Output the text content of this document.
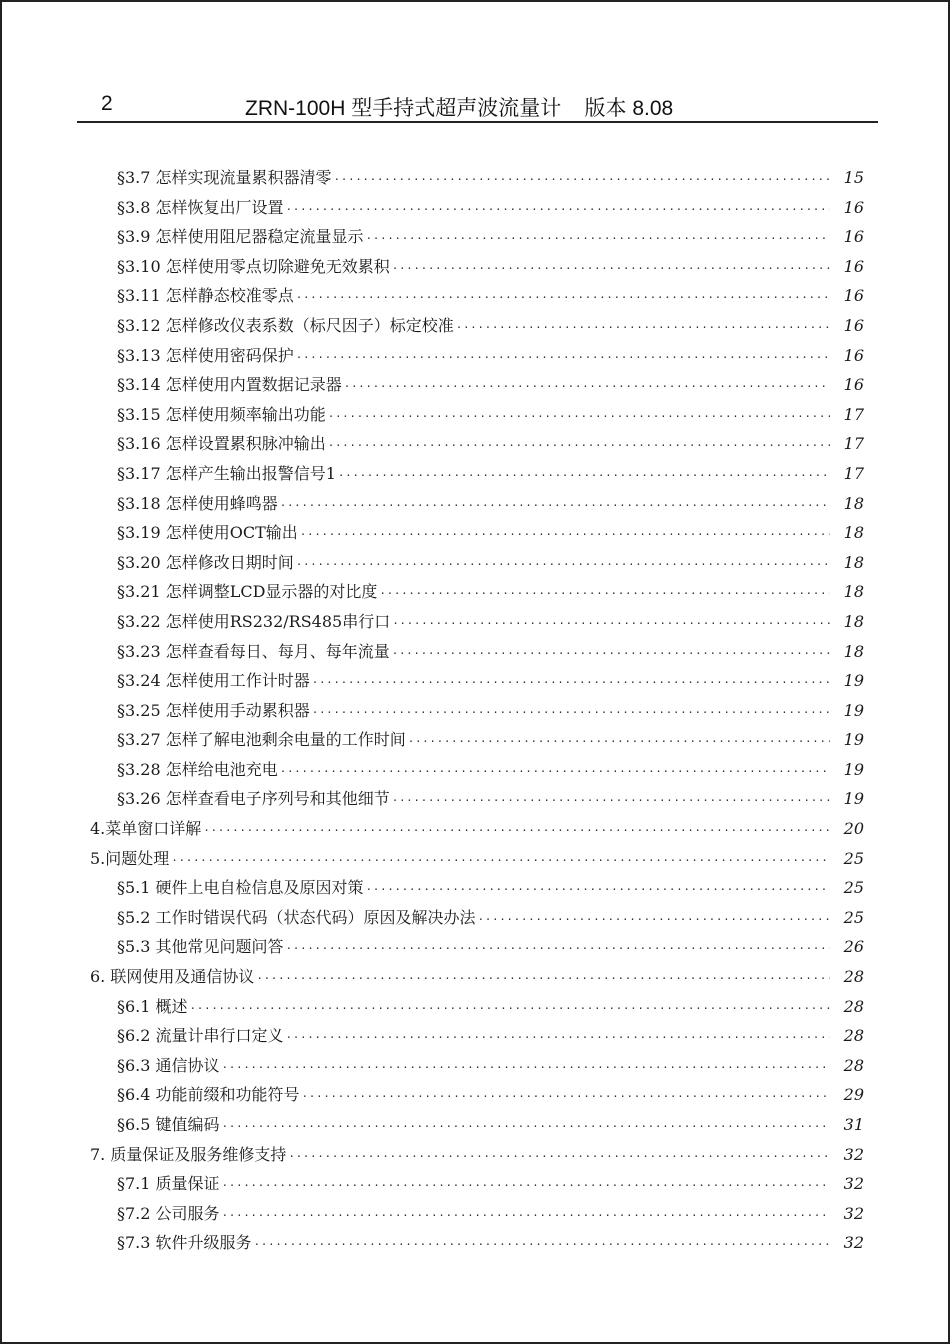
2	ZRN-100H 型手持式超声波流量计    版本 8.08
§3.7 怎样实现流量累积器清零 ·····	15
§3.8 怎样恢复出厂设置 ·····	16
§3.9 怎样使用阻尼器稳定流量显示 ·····	16
§3.10 怎样使用零点切除避免无效累积 ·····	16
§3.11 怎样静态校准零点 ·····	16
§3.12 怎样修改仪表系数（标尺因子）标定校准 ·····	16
§3.13 怎样使用密码保护 ·····	16
§3.14 怎样使用内置数据记录器 ·····	16
§3.15 怎样使用频率输出功能 ·····	17
§3.16 怎样设置累积脉冲输出 ·····	17
§3.17 怎样产生输出报警信号1 ·····	17
§3.18 怎样使用蜂鸣器 ·····	18
§3.19 怎样使用OCT输出 ·····	18
§3.20 怎样修改日期时间 ·····	18
§3.21 怎样调整LCD显示器的对比度 ·····	18
§3.22 怎样使用RS232/RS485串行口 ·····	18
§3.23 怎样查看每日、每月、每年流量 ·····	18
§3.24 怎样使用工作计时器 ·····	19
§3.25 怎样使用手动累积器 ·····	19
§3.27 怎样了解电池剩余电量的工作时间 ·····	19
§3.28 怎样给电池充电 ·····	19
§3.26 怎样查看电子序列号和其他细节 ·····	19
4.菜单窗口详解 ·····	20
5.问题处理 ·····	25
§5.1 硬件上电自检信息及原因对策 ·····	25
§5.2 工作时错误代码（状态代码）原因及解决办法 ·····	25
§5.3 其他常见问题问答 ·····	26
6. 联网使用及通信协议 ·····	28
§6.1 概述 ·····	28
§6.2 流量计串行口定义 ·····	28
§6.3 通信协议 ·····	28
§6.4 功能前缀和功能符号 ·····	29
§6.5 键值编码 ·····	31
7. 质量保证及服务维修支持 ·····	32
§7.1 质量保证 ·····	32
§7.2 公司服务 ·····	32
§7.3 软件升级服务 ·····	32
